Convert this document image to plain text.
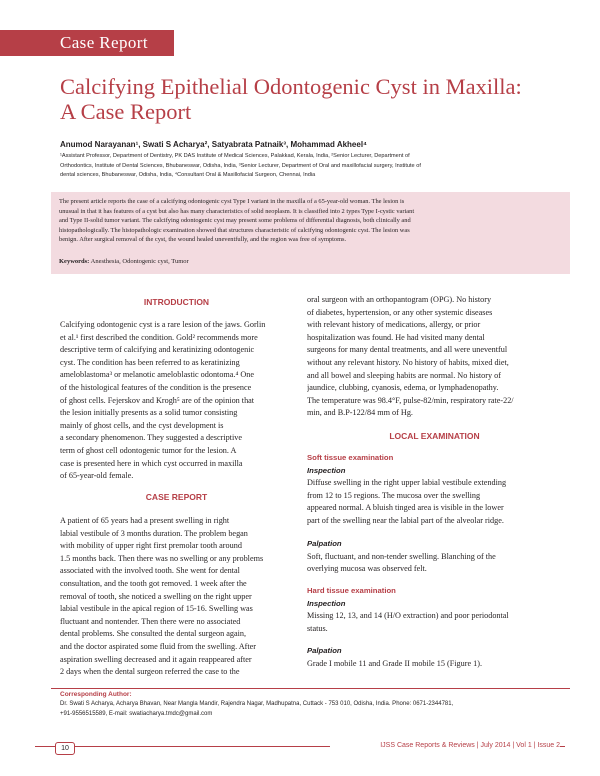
Case Report
Calcifying Epithelial Odontogenic Cyst in Maxilla:
A Case Report
Anumod Narayanan¹, Swati S Acharya², Satyabrata Patnaik³, Mohammad Akheel⁴
¹Assistant Professor, Department of Dentistry, PK DAS Institute of Medical Sciences, Palakkad, Kerala, India, ²Senior Lecturer, Department of
Orthodontics, Institute of Dental Sciences, Bhubaneswar, Odisha, India, ³Senior Lecturer, Department of Oral and maxillofacial surgery, Institute of
dental sciences, Bhubaneswar, Odisha, India, ⁴Consultant Oral & Maxillofacial Surgeon, Chennai, India
The present article reports the case of a calcifying odontogenic cyst Type I variant in the maxilla of a 65-year-old woman. The lesion is
unusual in that it has features of a cyst but also has many characteristics of solid neoplasm. It is classified into 2 types Type I-cystic variant
and Type II-solid tumor variant. The calcifying odontogenic cyst may present some problems of differential diagnosis, both clinically and
histopathologically. The histopathologic examination showed that structures characteristic of calcifying odontogenic cyst. The lesion was
benign. After surgical removal of the cyst, the wound healed uneventfully, and the region was free of symptoms.
Keywords: Anesthesia, Odontogenic cyst, Tumor
INTRODUCTION
Calcifying odontogenic cyst is a rare lesion of the jaws. Gorlin
et al.¹ first described the condition. Gold² recommends more
descriptive term of calcifying and keratinizing odontogenic
cyst. The condition has been referred to as keratinizing
ameloblastoma³ or melanotic ameloblastic odontoma.⁴ One
of the histological features of the condition is the presence
of ghost cells. Fejerskov and Krogh⁵ are of the opinion that
the lesion initially presents as a solid tumor consisting
mainly of ghost cells, and the cyst development is
a secondary phenomenon. They suggested a descriptive
term of ghost cell odontogenic tumor for the lesion. A
case is presented here in which cyst occurred in maxilla
of 65-year-old female.
CASE REPORT
A patient of 65 years had a present swelling in right
labial vestibule of 3 months duration. The problem began
with mobility of upper right first premolar tooth around
1.5 months back. Then there was no swelling or any problems
associated with the involved tooth. She went for dental
consultation, and the tooth got removed. 1 week after the
removal of tooth, she noticed a swelling on the right upper
labial vestibule in the apical region of 15-16. Swelling was
fluctuant and nontender. Then there were no associated
dental problems. She consulted the dental surgeon again,
and the doctor aspirated some fluid from the swelling. After
aspiration swelling decreased and it again reappeared after
2 days when the dental surgeon referred the case to the
oral surgeon with an orthopantogram (OPG). No history
of diabetes, hypertension, or any other systemic diseases
with relevant history of medications, allergy, or prior
hospitalization was found. He had visited many dental
surgeons for many dental treatments, and all were uneventful
without any relevant history. No history of habits, mixed diet,
and all bowel and sleeping habits are normal. No history of
jaundice, clubbing, cyanosis, edema, or lymphadenopathy.
The temperature was 98.4°F, pulse-82/min, respiratory rate-22/
min, and B.P-122/84 mm of Hg.
LOCAL EXAMINATION
Soft tissue examination
Inspection
Diffuse swelling in the right upper labial vestibule extending
from 12 to 15 regions. The mucosa over the swelling
appeared normal. A bluish tinged area is visible in the lower
part of the swelling near the labial part of the alveolar ridge.
Palpation
Soft, fluctuant, and non-tender swelling. Blanching of the
overlying mucosa was observed felt.
Hard tissue examination
Inspection
Missing 12, 13, and 14 (H/O extraction) and poor periodontal
status.
Palpation
Grade I mobile 11 and Grade II mobile 15 (Figure 1).
Corresponding Author:
Dr. Swati S Acharya, Acharya Bhavan, Near Mangla Mandir, Rajendra Nagar, Madhupatna, Cuttack - 753 010, Odisha, India. Phone: 0671-2344781,
+91-9556515589, E-mail: swatiacharya.tmdc@gmail.com
10	IJSS Case Reports & Reviews | July 2014 | Vol 1 | Issue 2
